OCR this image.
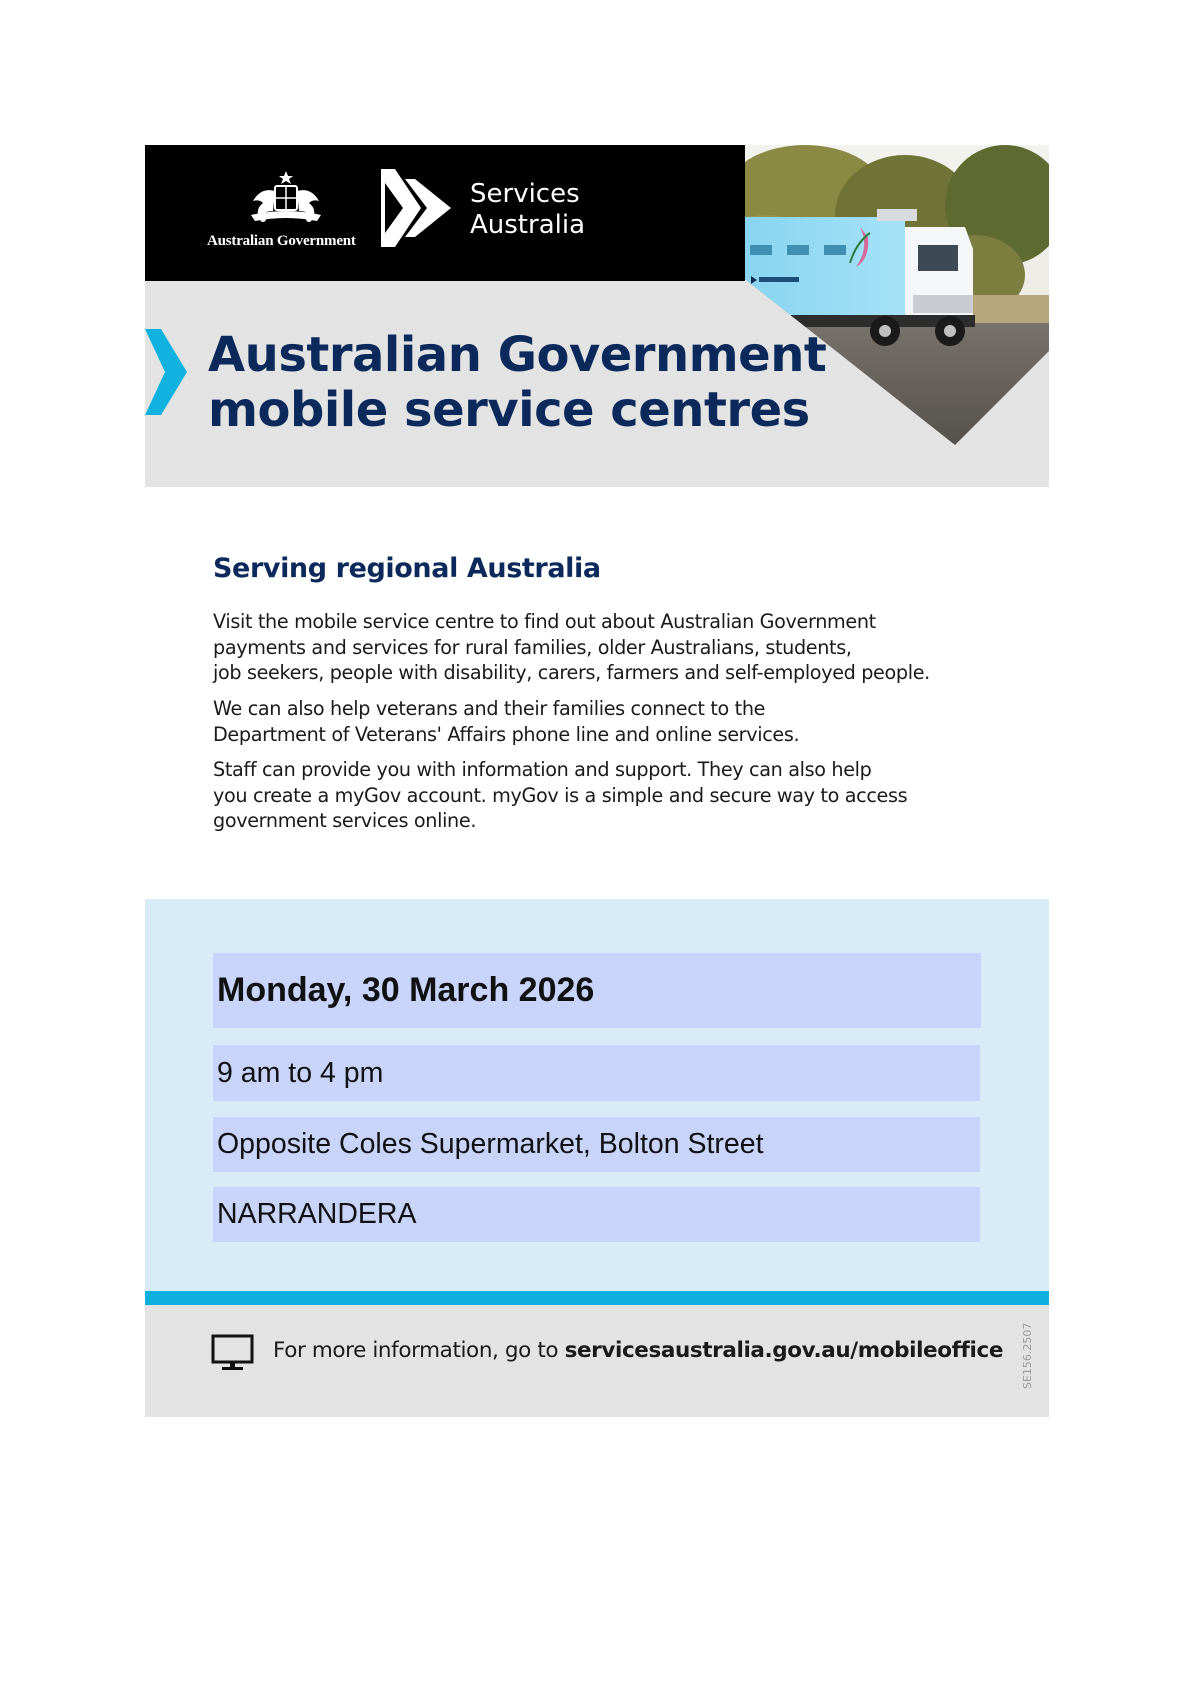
Australian Government
Services
Australia
Australian Government
mobile service centres
Serving regional Australia

Visit the mobile service centre to find out about Australian Government
payments and services for rural families, older Australians, students,
job seekers, people with disability, carers, farmers and self-employed people.

We can also help veterans and their families connect to the
Department of Veterans' Affairs phone line and online services.

Staff can provide you with information and support. They can also help
you create a myGov account. myGov is a simple and secure way to access
government services online.

Monday, 30 March 2026
9 am to 4 pm
Opposite Coles Supermarket, Bolton Street
NARRANDERA
For more information, go to servicesaustralia.gov.au/mobileoffice SE156.2507
